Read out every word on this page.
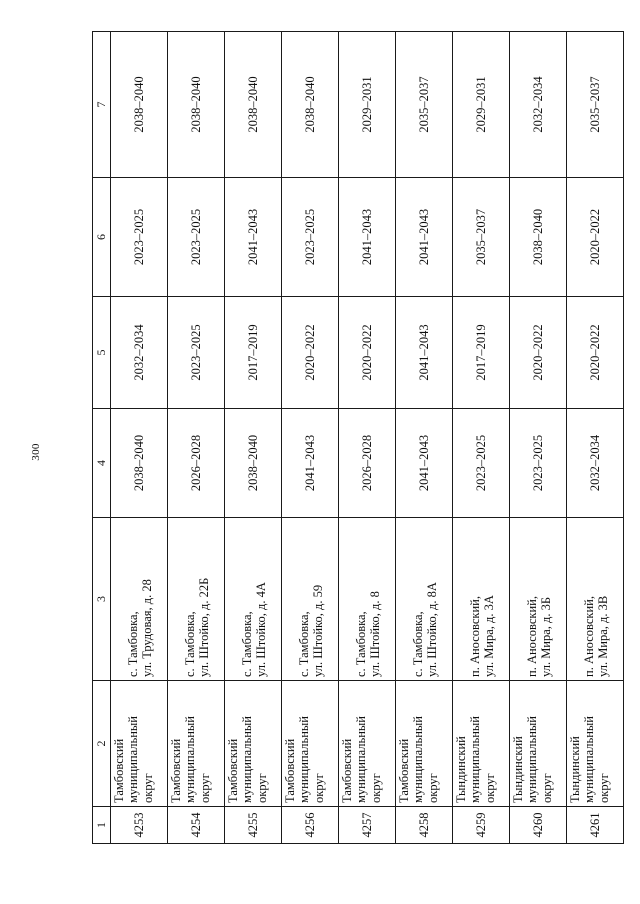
300
1	2	3	4	5	6	7
4253	Тамбовский муниципальный округ	с. Тамбовка, ул. Трудовая, д. 28	2038–2040	2032–2034	2023–2025	2038–2040
4254	Тамбовский муниципальный округ	с. Тамбовка, ул. Штойко, д. 22Б	2026–2028	2023–2025	2023–2025	2038–2040
4255	Тамбовский муниципальный округ	с. Тамбовка, ул. Штойко, д. 4А	2038–2040	2017–2019	2041–2043	2038–2040
4256	Тамбовский муниципальный округ	с. Тамбовка, ул. Штойко, д. 59	2041–2043	2020–2022	2023–2025	2038–2040
4257	Тамбовский муниципальный округ	с. Тамбовка, ул. Штойко, д. 8	2026–2028	2020–2022	2041–2043	2029–2031
4258	Тамбовский муниципальный округ	с. Тамбовка, ул. Штойко, д. 8А	2041–2043	2041–2043	2041–2043	2035–2037
4259	Тындинский муниципальный округ	п. Аносовский, ул. Мира, д. 3А	2023–2025	2017–2019	2035–2037	2029–2031
4260	Тындинский муниципальный округ	п. Аносовский, ул. Мира, д. 3Б	2023–2025	2020–2022	2038–2040	2032–2034
4261	Тындинский муниципальный округ	п. Аносовский, ул. Мира, д. 3В	2032–2034	2020–2022	2020–2022	2035–2037
